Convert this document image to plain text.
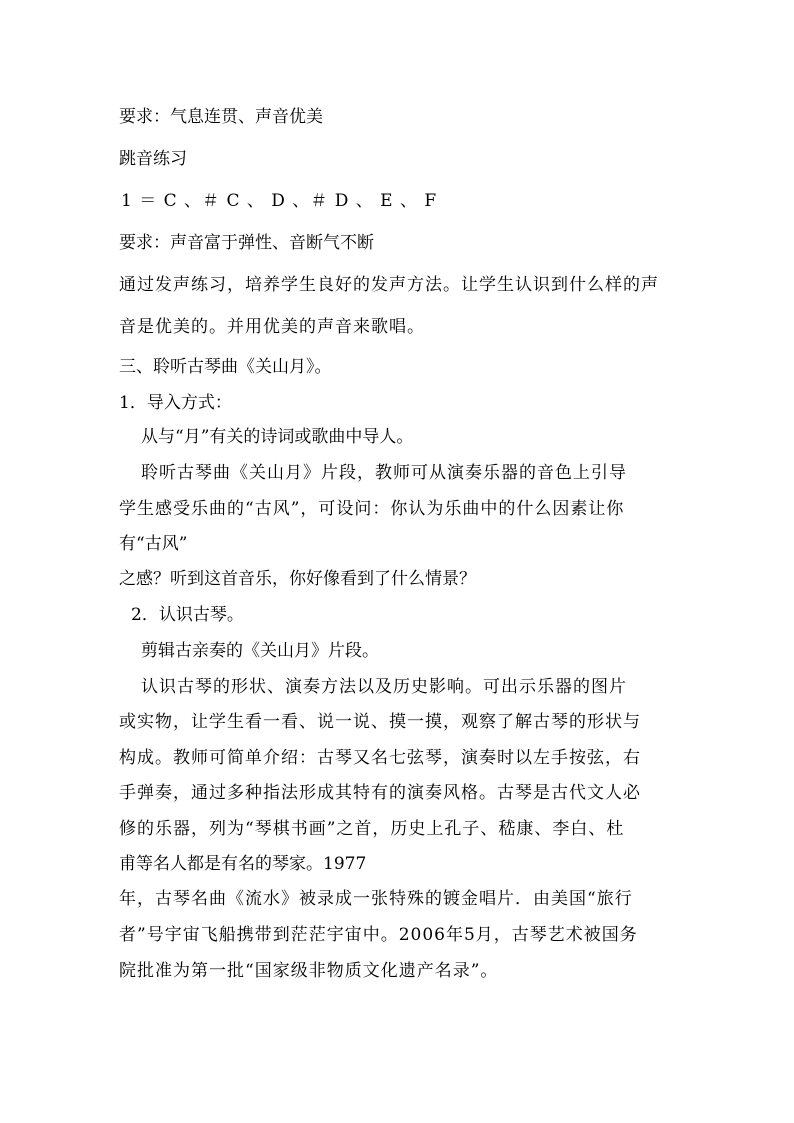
要求：气息连贯、声音优美
跳音练习
1 ＝ C 、＃ C 、 D 、＃ D 、 E 、 F
要求：声音富于弹性、音断气不断
通过发声练习，培养学生良好的发声方法。让学生认识到什么样的声
音是优美的。并用优美的声音来歌唱。
三、聆听古琴曲《关山月》。
1．导入方式：
从与“月”有关的诗词或歌曲中导人。
聆听古琴曲《关山月》片段，教师可从演奏乐器的音色上引导
学生感受乐曲的“古风”，可设问：你认为乐曲中的什么因素让你
有“古风”
之感？听到这首音乐，你好像看到了什么情景？
2．认识古琴。
剪辑古亲奏的《关山月》片段。
认识古琴的形状、演奏方法以及历史影响。可出示乐器的图片
或实物，让学生看一看、说一说、摸一摸，观察了解古琴的形状与
构成。教师可简单介绍：古琴又名七弦琴，演奏时以左手按弦，右
手弹奏，通过多种指法形成其特有的演奏风格。古琴是古代文人必
修的乐器，列为“琴棋书画”之首，历史上孔子、嵇康、李白、杜
甫等名人都是有名的琴家。1977
年，古琴名曲《流水》被录成一张特殊的镀金唱片．由美国“旅行
者”号宇宙飞船携带到茫茫宇宙中。2006年5月，古琴艺术被国务
院批准为第一批“国家级非物质文化遗产名录”。
